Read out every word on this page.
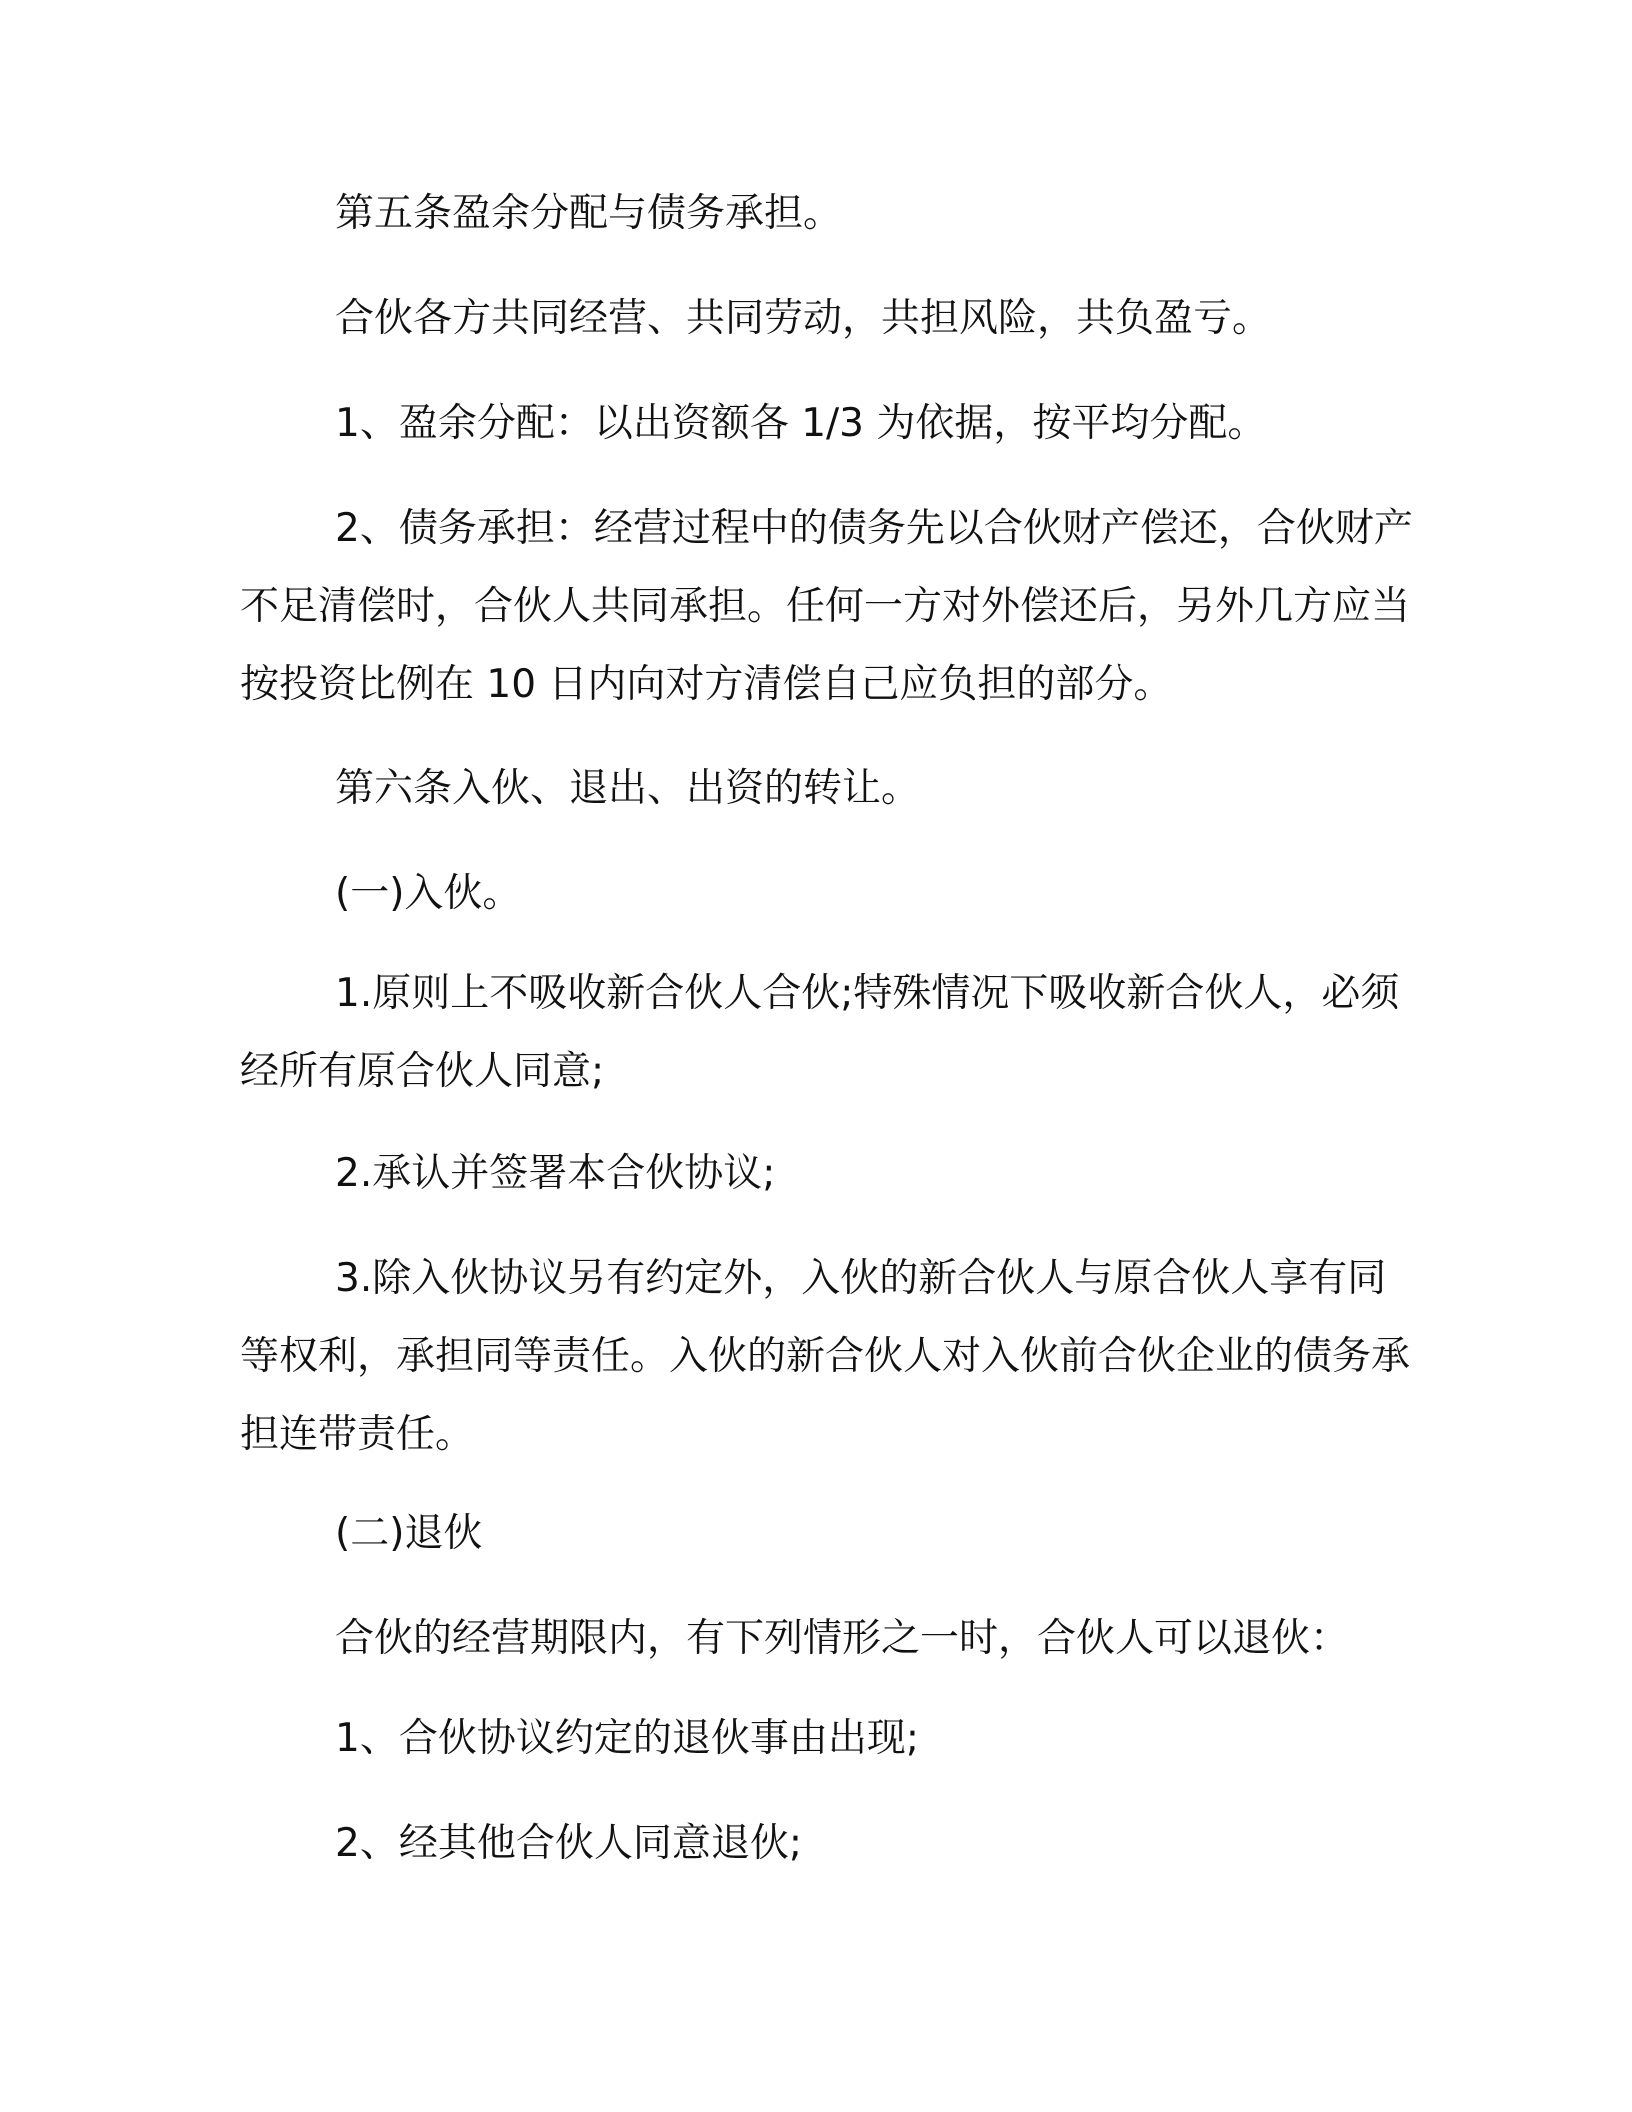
第五条盈余分配与债务承担。

合伙各方共同经营、共同劳动，共担风险，共负盈亏。

1、盈余分配：以出资额各 1/3 为依据，按平均分配。

2、债务承担：经营过程中的债务先以合伙财产偿还，合伙财产不足清偿时，合伙人共同承担。任何一方对外偿还后，另外几方应当按投资比例在 10 日内向对方清偿自己应负担的部分。

第六条入伙、退出、出资的转让。

(一)入伙。

1.原则上不吸收新合伙人合伙;特殊情况下吸收新合伙人，必须经所有原合伙人同意;

2.承认并签署本合伙协议;

3.除入伙协议另有约定外，入伙的新合伙人与原合伙人享有同等权利，承担同等责任。入伙的新合伙人对入伙前合伙企业的债务承担连带责任。

(二)退伙

合伙的经营期限内，有下列情形之一时，合伙人可以退伙：

1、合伙协议约定的退伙事由出现;

2、经其他合伙人同意退伙;
